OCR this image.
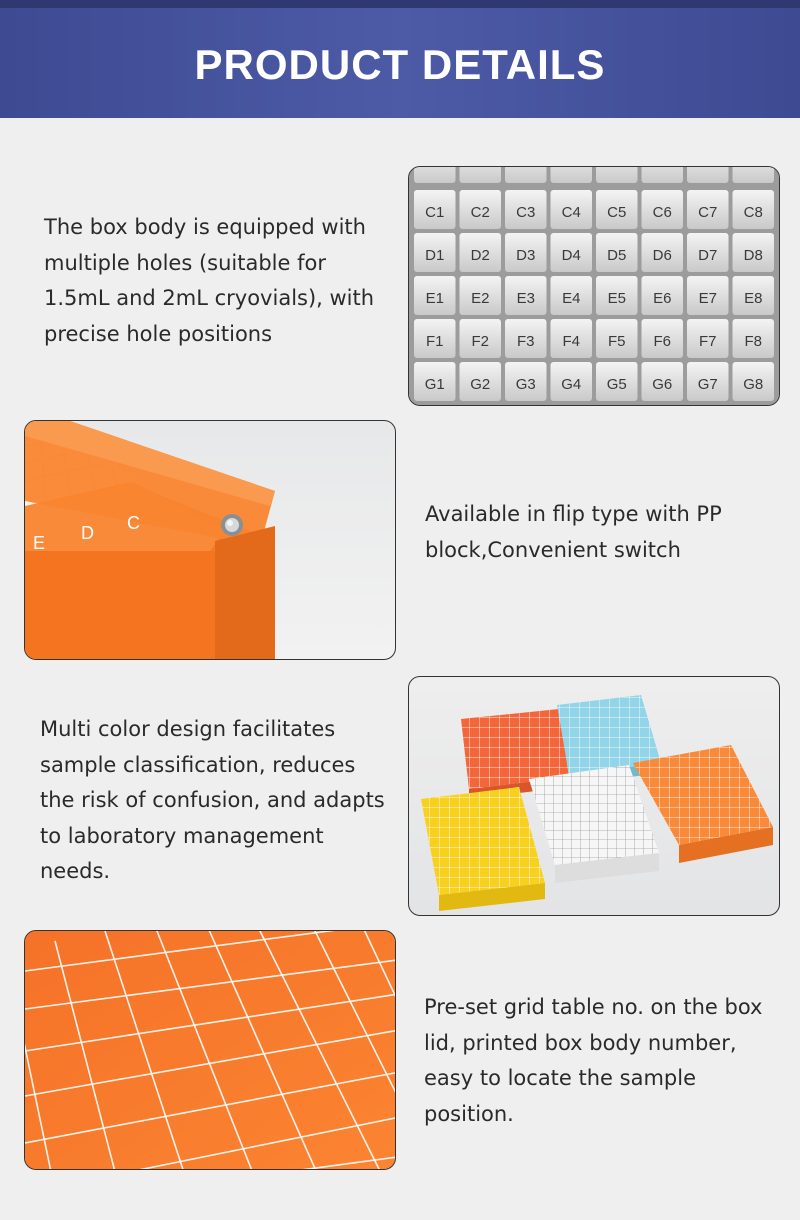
PRODUCT DETAILS
The box body is equipped with multiple holes (suitable for 1.5mL and 2mL cryovials), with precise hole positions
C1 C2 C3 C4 C5 C6 C7 C8
D1 D2 D3 D4 D5 D6 D7 D8
E1 E2 E3 E4 E5 E6 E7 E8
F1 F2 F3 F4 F5 F6 F7 F8
G1 G2 G3 G4 G5 G6 G7 G8
E D C	Available in flip type with PP block,Convenient switch
Multi color design facilitates sample classification, reduces the risk of confusion, and adapts to laboratory management needs.
Pre-set grid table no. on the box lid, printed box body number, easy to locate the sample position.
